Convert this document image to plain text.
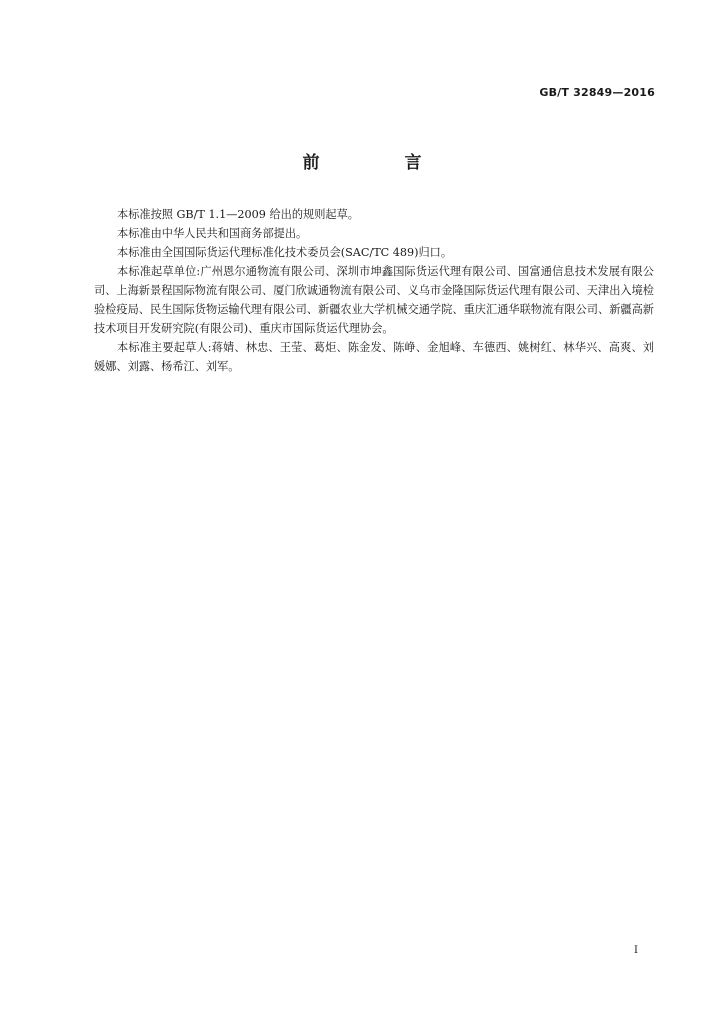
GB/T 32849—2016
前　言

本标准按照 GB/T 1.1—2009 给出的规则起草。

本标准由中华人民共和国商务部提出。

本标准由全国国际货运代理标准化技术委员会(SAC/TC 489)归口。

本标准起草单位:广州恩尔通物流有限公司、深圳市坤鑫国际货运代理有限公司、国富通信息技术发展有限公司、上海新景程国际物流有限公司、厦门欣诚通物流有限公司、义乌市金隆国际货运代理有限公司、天津出入境检验检疫局、民生国际货物运输代理有限公司、新疆农业大学机械交通学院、重庆汇通华联物流有限公司、新疆高新技术项目开发研究院(有限公司)、重庆市国际货运代理协会。

本标准主要起草人:蒋婧、林忠、王莹、葛炬、陈金发、陈峥、金旭峰、车德西、姚树红、林华兴、高爽、刘媛娜、刘露、杨希江、刘军。

I
